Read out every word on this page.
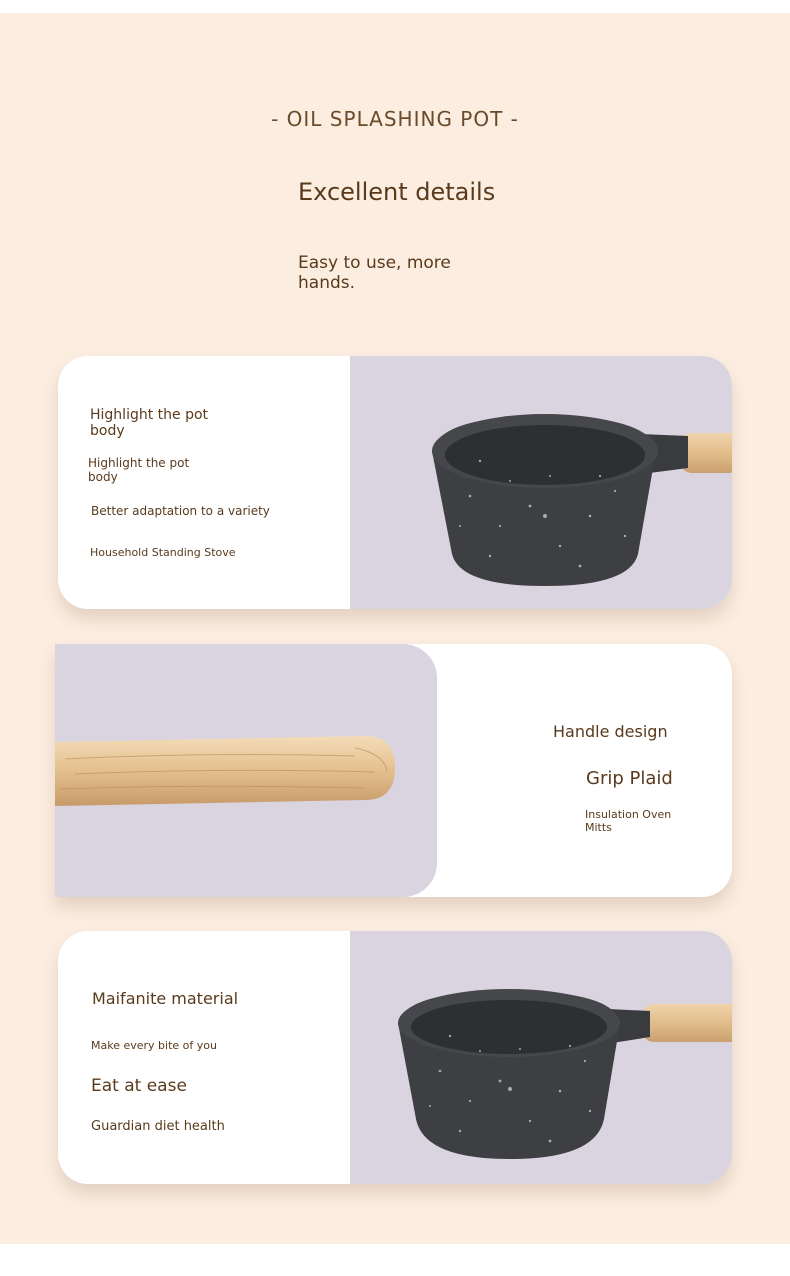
- OIL SPLASHING POT -
Excellent details
Easy to use, more hands.
Highlight the pot body
Highlight the pot body
Better adaptation to a variety
Household Standing Stove
Handle design
Grip Plaid
Insulation Oven Mitts
Maifanite material
Make every bite of you
Eat at ease
Guardian diet health
